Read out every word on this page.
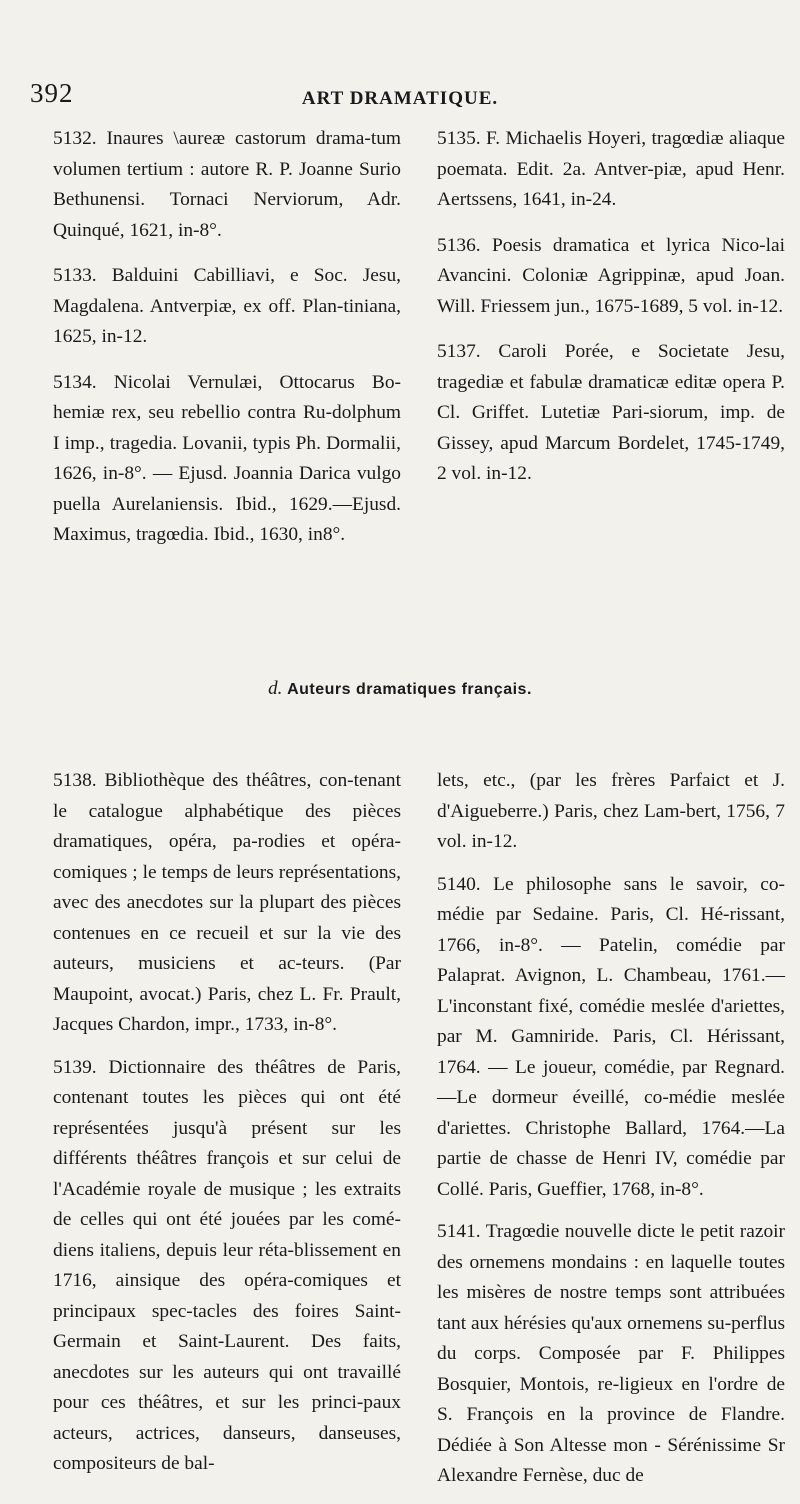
392	ART DRAMATIQUE.

5132. Inaures \aureæ castorum drama-tum volumen tertium : autore R. P. Joanne Surio Bethunensi. Tornaci Nerviorum, Adr. Quinqué, 1621, in-8°.

5133. Balduini Cabilliavi, e Soc. Jesu, Magdalena. Antverpiæ, ex off. Plan-tiniana, 1625, in-12.

5134. Nicolai Vernulæi, Ottocarus Bo-hemiæ rex, seu rebellio contra Ru-dolphum I imp., tragedia. Lovanii, typis Ph. Dormalii, 1626, in-8°. — Ejusd. Joannia Darica vulgo puella Aurelaniensis. Ibid., 1629.—Ejusd. Maximus, tragœdia. Ibid., 1630, in8°.

5135. F. Michaelis Hoyeri, tragœdiæ aliaque poemata. Edit. 2a. Antver-piæ, apud Henr. Aertssens, 1641, in-24.

5136. Poesis dramatica et lyrica Nico-lai Avancini. Coloniæ Agrippinæ, apud Joan. Will. Friessem jun., 1675-1689, 5 vol. in-12.

5137. Caroli Porée, e Societate Jesu, tragediæ et fabulæ dramaticæ editæ opera P. Cl. Griffet. Lutetiæ Pari-siorum, imp. de Gissey, apud Marcum Bordelet, 1745-1749, 2 vol. in-12.

d. Auteurs dramatiques français.

5138. Bibliothèque des théâtres, con-tenant le catalogue alphabétique des pièces dramatiques, opéra, pa-rodies et opéra-comiques ; le temps de leurs représentations, avec des anecdotes sur la plupart des pièces contenues en ce recueil et sur la vie des auteurs, musiciens et ac-teurs. (Par Maupoint, avocat.) Paris, chez L. Fr. Prault, Jacques Chardon, impr., 1733, in-8°.

5139. Dictionnaire des théâtres de Paris, contenant toutes les pièces qui ont été représentées jusqu'à présent sur les différents théâtres françois et sur celui de l'Académie royale de musique ; les extraits de celles qui ont été jouées par les comé-diens italiens, depuis leur réta-blissement en 1716, ainsique des opéra-comiques et principaux spec-tacles des foires Saint-Germain et Saint-Laurent. Des faits, anecdotes sur les auteurs qui ont travaillé pour ces théâtres, et sur les princi-paux acteurs, actrices, danseurs, danseuses, compositeurs de bal-

lets, etc., (par les frères Parfaict et J. d'Aigueberre.) Paris, chez Lam-bert, 1756, 7 vol. in-12.

5140. Le philosophe sans le savoir, co-médie par Sedaine. Paris, Cl. Hé-rissant, 1766, in-8°. — Patelin, comédie par Palaprat. Avignon, L. Chambeau, 1761.—L'inconstant fixé, comédie meslée d'ariettes, par M. Gamniride. Paris, Cl. Hérissant, 1764. — Le joueur, comédie, par Regnard.—Le dormeur éveillé, co-médie meslée d'ariettes. Christophe Ballard, 1764.—La partie de chasse de Henri IV, comédie par Collé. Paris, Gueffier, 1768, in-8°.

5141. Tragœdie nouvelle dicte le petit razoir des ornemens mondains : en laquelle toutes les misères de nostre temps sont attribuées tant aux hérésies qu'aux ornemens su-perflus du corps. Composée par F. Philippes Bosquier, Montois, re-ligieux en l'ordre de S. François en la province de Flandre. Dédiée à Son Altesse mon - Sérénissime Sr Alexandre Fernèse, duc de
